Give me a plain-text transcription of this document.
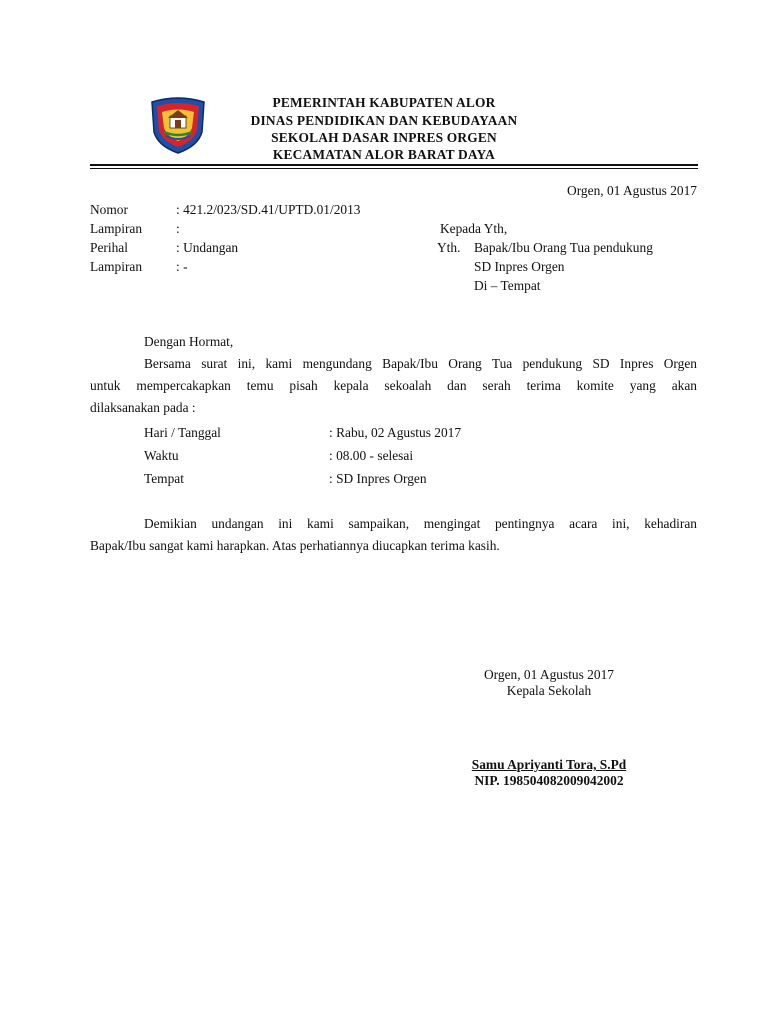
PEMERINTAH KABUPATEN ALOR
DINAS PENDIDIKAN DAN KEBUDAYAAN
SEKOLAH DASAR INPRES ORGEN
KECAMATAN ALOR BARAT DAYA
Orgen, 01 Agustus 2017
Nomor	: 421.2/023/SD.41/UPTD.01/2013
Lampiran	:
Perihal	: Undangan
Lampiran	: -
Kepada Yth,
Yth. Bapak/Ibu Orang Tua pendukung
SD Inpres Orgen
Di – Tempat
Dengan Hormat,
Bersama surat ini, kami mengundang Bapak/Ibu Orang Tua pendukung SD Inpres Orgen
untuk mempercakapkan temu pisah kepala sekoalah dan serah terima komite yang akan
dilaksanakan pada :
Hari / Tanggal	: Rabu, 02 Agustus 2017
Waktu	: 08.00 - selesai
Tempat	: SD Inpres Orgen
Demikian undangan ini kami sampaikan, mengingat pentingnya acara ini, kehadiran
Bapak/Ibu sangat kami harapkan. Atas perhatiannya diucapkan terima kasih.
Orgen, 01 Agustus 2017
Kepala Sekolah
Samu Apriyanti Tora, S.Pd
NIP. 198504082009042002
